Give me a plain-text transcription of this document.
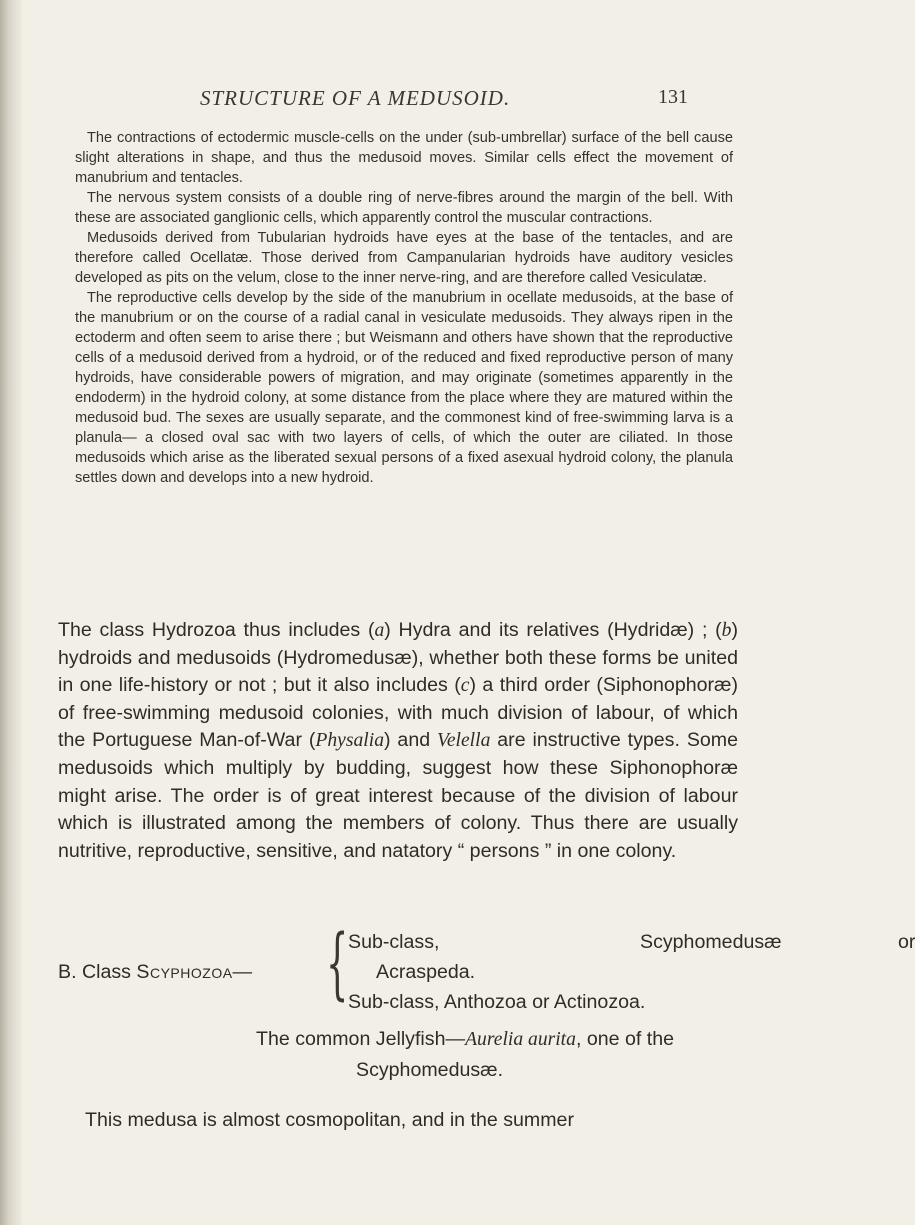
STRUCTURE OF A MEDUSOID.	131

The contractions of ectodermic muscle-cells on the under (sub-umbrellar) surface of the bell cause slight alterations in shape, and thus the medusoid moves. Similar cells effect the movement of manubrium and tentacles.

The nervous system consists of a double ring of nerve-fibres around the margin of the bell. With these are associated ganglionic cells, which apparently control the muscular contractions.

Medusoids derived from Tubularian hydroids have eyes at the base of the tentacles, and are therefore called Ocellatæ. Those derived from Campanularian hydroids have auditory vesicles developed as pits on the velum, close to the inner nerve-ring, and are therefore called Vesiculatæ.

The reproductive cells develop by the side of the manubrium in ocellate medusoids, at the base of the manubrium or on the course of a radial canal in vesiculate medusoids. They always ripen in the ectoderm and often seem to arise there ; but Weismann and others have shown that the reproductive cells of a medusoid derived from a hydroid, or of the reduced and fixed reproductive person of many hydroids, have considerable powers of migration, and may originate (sometimes apparently in the endoderm) in the hydroid colony, at some distance from the place where they are matured within the medusoid bud. The sexes are usually separate, and the commonest kind of free-swimming larva is a planula— a closed oval sac with two layers of cells, of which the outer are ciliated. In those medusoids which arise as the liberated sexual persons of a fixed asexual hydroid colony, the planula settles down and develops into a new hydroid.

The class Hydrozoa thus includes (a) Hydra and its relatives (Hydridæ) ; (b) hydroids and medusoids (Hydromedusæ), whether both these forms be united in one life-history or not ; but it also includes (c) a third order (Siphonophoræ) of free-swimming medusoid colonies, with much division of labour, of which the Portuguese Man-of-War (Physalia) and Velella are instructive types. Some medusoids which multiply by budding, suggest how these Siphonophoræ might arise. The order is of great interest because of the division of labour which is illustrated among the members of colony. Thus there are usually nutritive, reproductive, sensitive, and natatory “ persons ” in one colony.

B. Class Scyphozoa— { Sub-class,	Scyphomedusæ	or
Acraspeda.
Sub-class, Anthozoa or Actinozoa.
The common Jellyfish—Aurelia aurita, one of the
Scyphomedusæ.
This medusa is almost cosmopolitan, and in the summer
